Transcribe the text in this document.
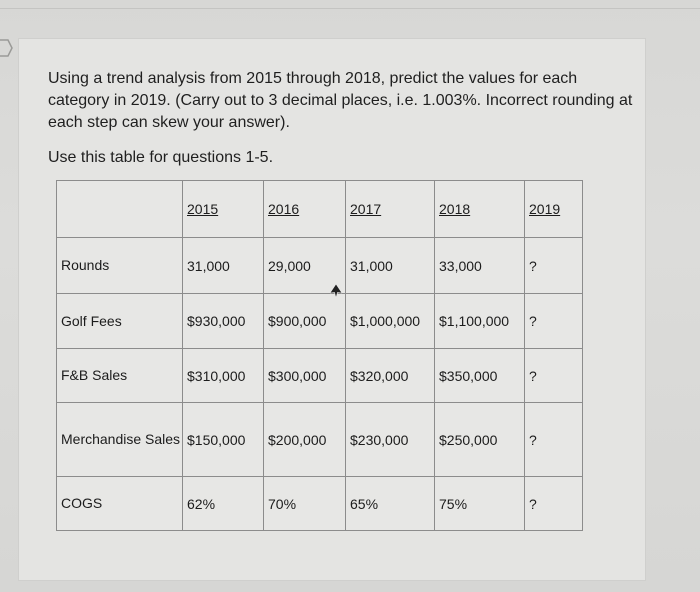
Using a trend analysis from 2015 through 2018, predict the values for each category in 2019. (Carry out to 3 decimal places, i.e. 1.003%. Incorrect rounding at each step can skew your answer).

Use this table for questions 1-5.

	2015	2016	2017	2018	2019
Rounds	31,000	29,000	31,000	33,000	?
Golf Fees	$930,000	$900,000	$1,000,000	$1,100,000	?
F&B Sales	$310,000	$300,000	$320,000	$350,000	?
Merchandise Sales	$150,000	$200,000	$230,000	$250,000	?
COGS	62%	70%	65%	75%	?
